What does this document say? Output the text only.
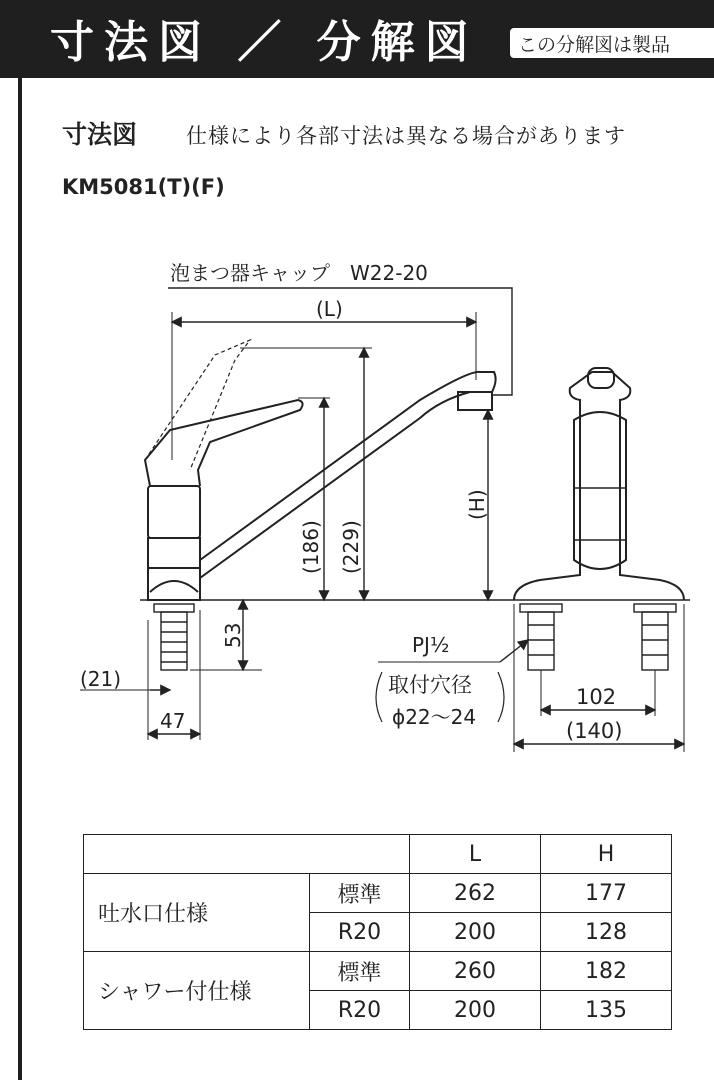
寸法図 ／ 分解図	この分解図は製品
寸法図 仕様により各部寸法は異なる場合があります
KM5081(T)(F)
泡まつ器キャップ　W22-20
(L)
(186) (229)
(H)
53
(21)
47
PJ½
取付穴径
ϕ22〜24
102
(140)
		L	H
吐水口仕様	標準	262	177
	R20	200	128
シャワー付仕様	標準	260	182
	R20	200	135
